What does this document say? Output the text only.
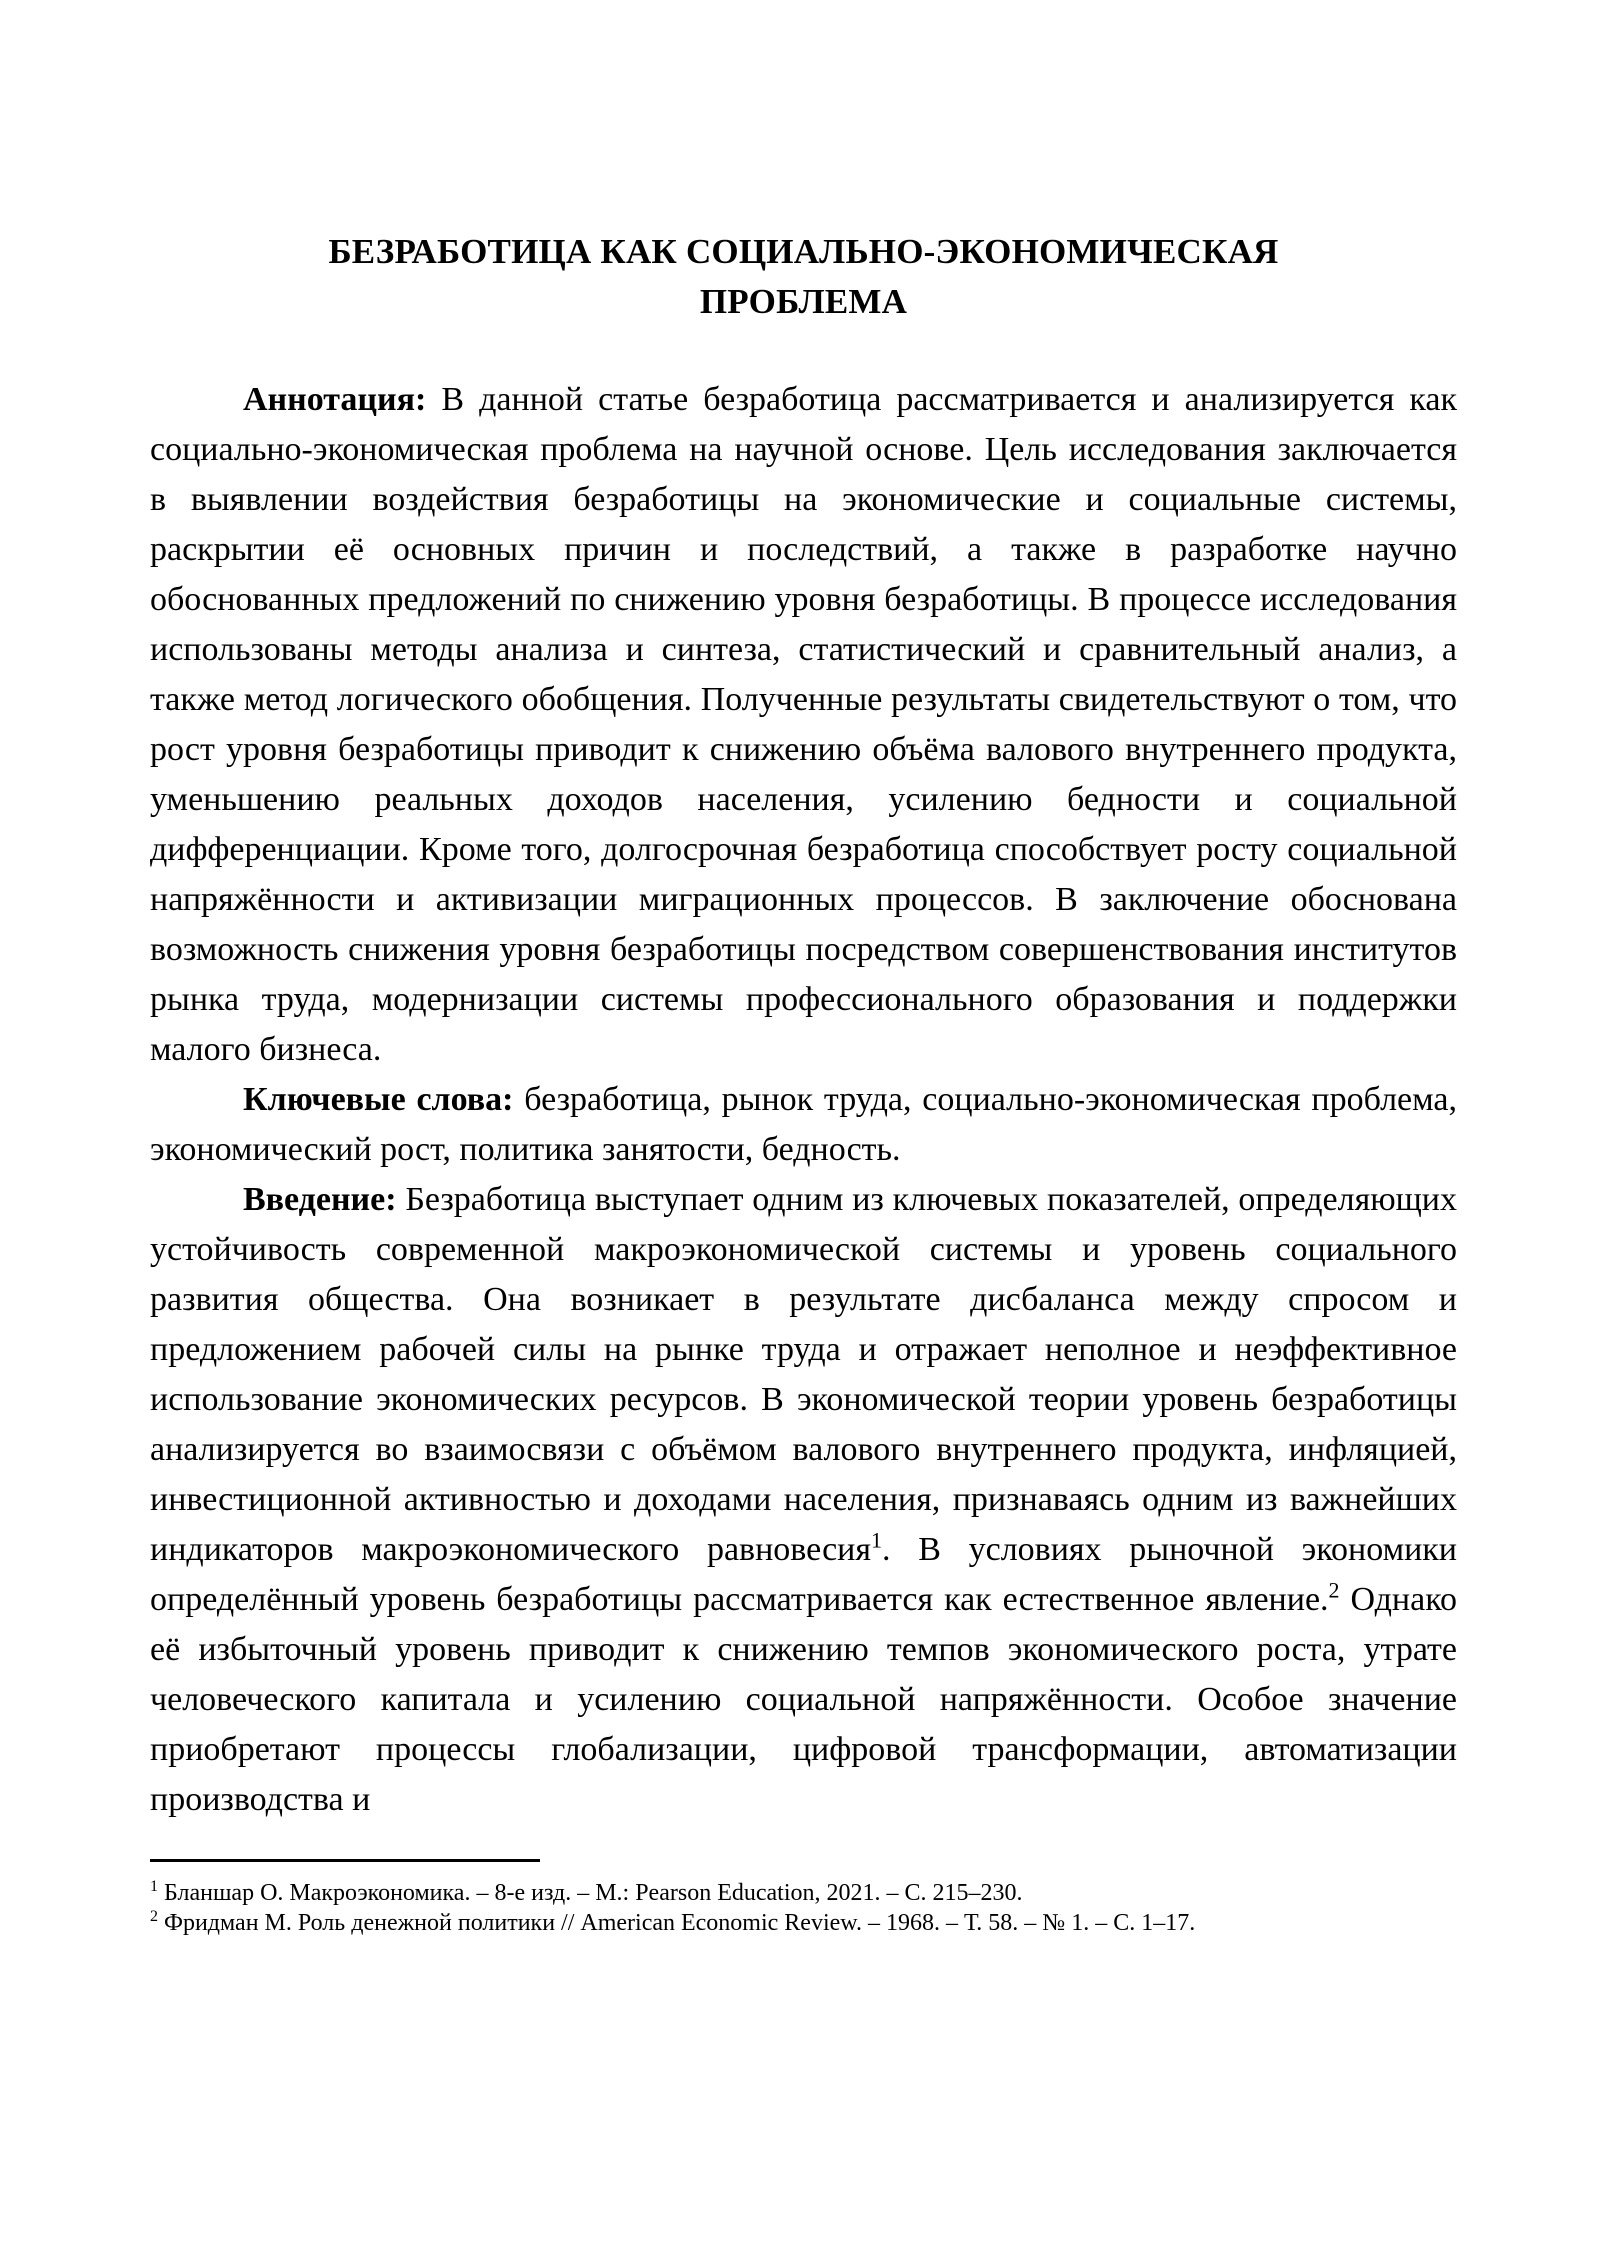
БЕЗРАБОТИЦА КАК СОЦИАЛЬНО-ЭКОНОМИЧЕСКАЯ
ПРОБЛЕМА

Аннотация: В данной статье безработица рассматривается и анализируется как социально-экономическая проблема на научной основе. Цель исследования заключается в выявлении воздействия безработицы на экономические и социальные системы, раскрытии её основных причин и последствий, а также в разработке научно обоснованных предложений по снижению уровня безработицы. В процессе исследования использованы методы анализа и синтеза, статистический и сравнительный анализ, а также метод логического обобщения. Полученные результаты свидетельствуют о том, что рост уровня безработицы приводит к снижению объёма валового внутреннего продукта, уменьшению реальных доходов населения, усилению бедности и социальной дифференциации. Кроме того, долгосрочная безработица способствует росту социальной напряжённости и активизации миграционных процессов. В заключение обоснована возможность снижения уровня безработицы посредством совершенствования институтов рынка труда, модернизации системы профессионального образования и поддержки малого бизнеса.

Ключевые слова: безработица, рынок труда, социально-экономическая проблема, экономический рост, политика занятости, бедность.

Введение: Безработица выступает одним из ключевых показателей, определяющих устойчивость современной макроэкономической системы и уровень социального развития общества. Она возникает в результате дисбаланса между спросом и предложением рабочей силы на рынке труда и отражает неполное и неэффективное использование экономических ресурсов. В экономической теории уровень безработицы анализируется во взаимосвязи с объёмом валового внутреннего продукта, инфляцией, инвестиционной активностью и доходами населения, признаваясь одним из важнейших индикаторов макроэкономического равновесия$^1$. В условиях рыночной экономики определённый уровень безработицы рассматривается как естественное явление.$^2$ Однако её избыточный уровень приводит к снижению темпов экономического роста, утрате человеческого капитала и усилению социальной напряжённости. Особое значение приобретают процессы глобализации, цифровой трансформации, автоматизации производства и

$^1$ Бланшар О. Макроэкономика. – 8-е изд. – М.: Pearson Education, 2021. – С. 215–230.
$^2$ Фридман М. Роль денежной политики // American Economic Review. – 1968. – Т. 58. – № 1. – С. 1–17.
